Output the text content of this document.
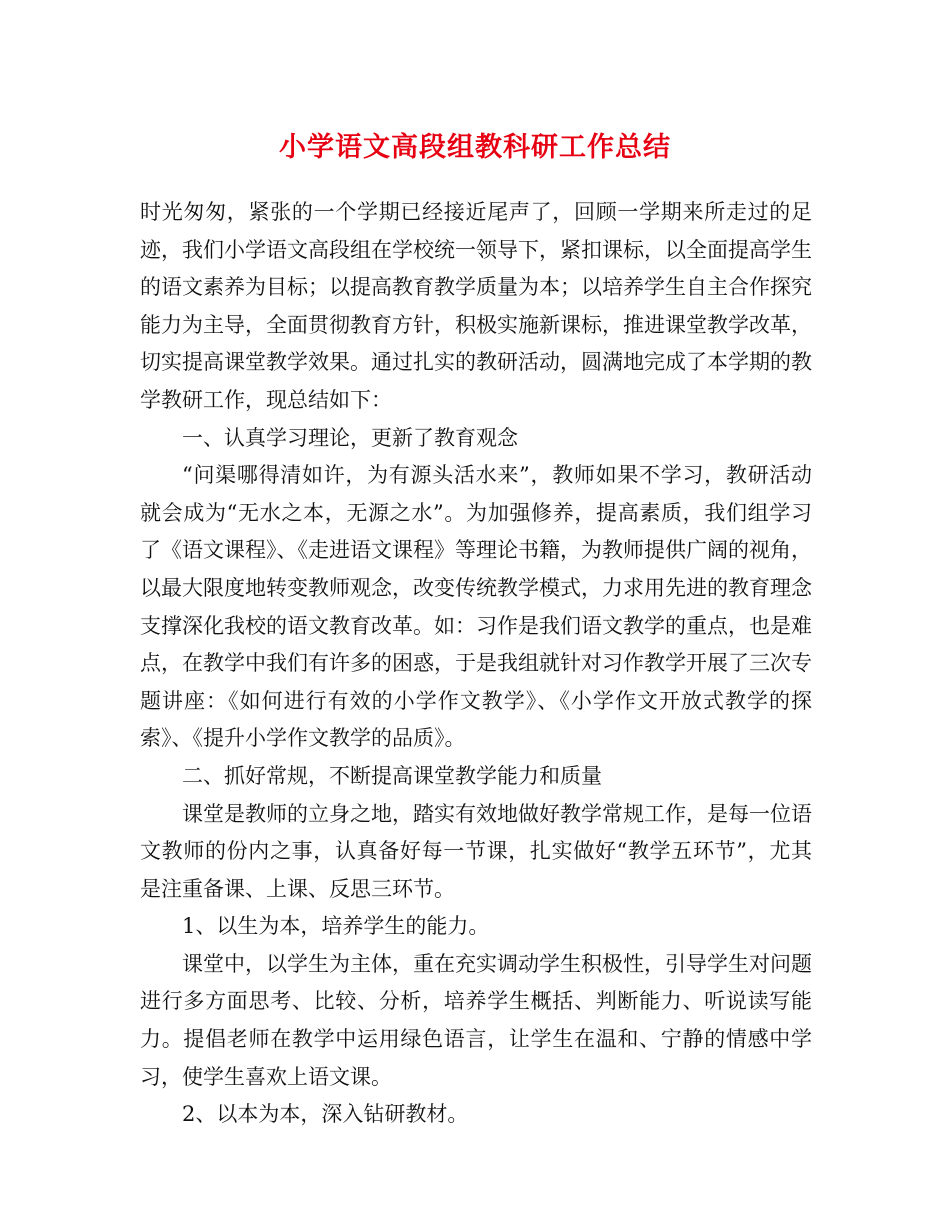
小学语文高段组教科研工作总结

时光匆匆，紧张的一个学期已经接近尾声了，回顾一学期来所走过的足迹，我们小学语文高段组在学校统一领导下，紧扣课标，以全面提高学生的语文素养为目标；以提高教育教学质量为本；以培养学生自主合作探究能力为主导，全面贯彻教育方针，积极实施新课标，推进课堂教学改革，切实提高课堂教学效果。通过扎实的教研活动，圆满地完成了本学期的教学教研工作，现总结如下：

一、认真学习理论，更新了教育观念

“问渠哪得清如许，为有源头活水来”，教师如果不学习，教研活动就会成为“无水之本，无源之水”。为加强修养，提高素质，我们组学习了《语文课程》、《走进语文课程》等理论书籍，为教师提供广阔的视角，以最大限度地转变教师观念，改变传统教学模式，力求用先进的教育理念支撑深化我校的语文教育改革。如：习作是我们语文教学的重点，也是难点，在教学中我们有许多的困惑，于是我组就针对习作教学开展了三次专题讲座：《如何进行有效的小学作文教学》、《小学作文开放式教学的探索》、《提升小学作文教学的品质》。

二、抓好常规，不断提高课堂教学能力和质量

课堂是教师的立身之地，踏实有效地做好教学常规工作，是每一位语文教师的份内之事，认真备好每一节课，扎实做好“教学五环节”，尤其是注重备课、上课、反思三环节。

1、以生为本，培养学生的能力。

课堂中，以学生为主体，重在充实调动学生积极性，引导学生对问题进行多方面思考、比较、分析，培养学生概括、判断能力、听说读写能力。提倡老师在教学中运用绿色语言，让学生在温和、宁静的情感中学习，使学生喜欢上语文课。

2、以本为本，深入钻研教材。
